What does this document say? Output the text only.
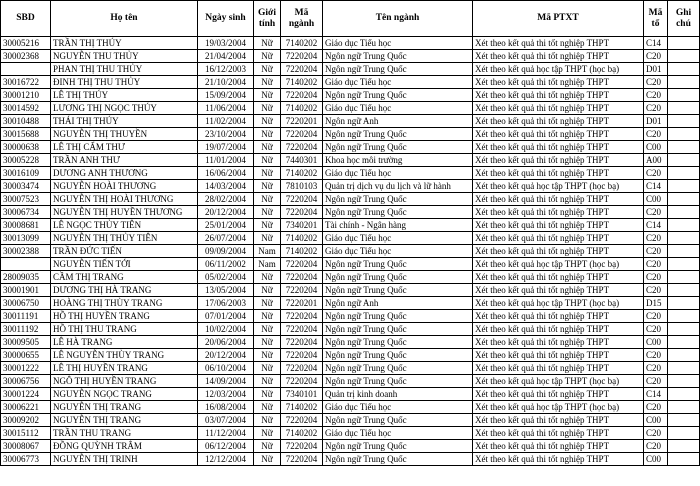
SBD	Họ tên	Ngày sinh	Giới tính	Mã ngành	Tên ngành	Mã PTXT	Mã tổ	Ghi chú
30005216	TRẦN THỊ THÚY	19/03/2004	Nữ	7140202	Giáo dục Tiểu học	Xét theo kết quả thi tốt nghiệp THPT	C14	
30002368	NGUYỄN THU THỦY	21/04/2004	Nữ	7220204	Ngôn ngữ Trung Quốc	Xét theo kết quả thi tốt nghiệp THPT	C20	
	PHAN THỊ THU THỦY	16/12/2003	Nữ	7220204	Ngôn ngữ Trung Quốc	Xét theo kết quả học tập THPT (học bạ)	D01	
30016722	ĐINH THỊ THU THỦY	21/10/2004	Nữ	7140202	Giáo dục Tiểu học	Xét theo kết quả thi tốt nghiệp THPT	C20	
30001210	LÊ THỊ THÚY	15/09/2004	Nữ	7220204	Ngôn ngữ Trung Quốc	Xét theo kết quả thi tốt nghiệp THPT	C20	
30014592	LƯƠNG THỊ NGỌC THÚY	11/06/2004	Nữ	7140202	Giáo dục Tiểu học	Xét theo kết quả thi tốt nghiệp THPT	C20	
30010488	THÁI THỊ THÚY	11/02/2004	Nữ	7220201	Ngôn ngữ Anh	Xét theo kết quả thi tốt nghiệp THPT	D01	
30015688	NGUYỄN THỊ THUYỀN	23/10/2004	Nữ	7220204	Ngôn ngữ Trung Quốc	Xét theo kết quả thi tốt nghiệp THPT	C20	
30000638	LÊ THỊ CẨM THƯ	19/07/2004	Nữ	7220204	Ngôn ngữ Trung Quốc	Xét theo kết quả thi tốt nghiệp THPT	C00	
30005228	TRẦN ANH THƯ	11/01/2004	Nữ	7440301	Khoa học môi trường	Xét theo kết quả thi tốt nghiệp THPT	A00	
30016109	DƯƠNG ANH THƯƠNG	16/06/2004	Nữ	7140202	Giáo dục Tiểu học	Xét theo kết quả thi tốt nghiệp THPT	C20	
30003474	NGUYỄN HOÀI THƯƠNG	14/03/2004	Nữ	7810103	Quản trị dịch vụ du lịch và lữ hành	Xét theo kết quả học tập THPT (học bạ)	C14	
30007523	NGUYỄN THỊ HOÀI THƯƠNG	28/02/2004	Nữ	7220204	Ngôn ngữ Trung Quốc	Xét theo kết quả thi tốt nghiệp THPT	C00	
30006734	NGUYỄN THỊ HUYỀN THƯƠNG	20/12/2004	Nữ	7220204	Ngôn ngữ Trung Quốc	Xét theo kết quả thi tốt nghiệp THPT	C20	
30008681	LÊ NGỌC THỦY TIÊN	25/01/2004	Nữ	7340201	Tài chính - Ngân hàng	Xét theo kết quả thi tốt nghiệp THPT	C14	
30013099	NGUYỄN THỊ THỦY TIÊN	26/07/2004	Nữ	7140202	Giáo dục Tiểu học	Xét theo kết quả thi tốt nghiệp THPT	C20	
30002388	TRẦN ĐỨC TIẾN	09/09/2004	Nam	7140202	Giáo dục Tiểu học	Xét theo kết quả thi tốt nghiệp THPT	C20	
	NGUYỄN TIẾN TỚI	06/11/2002	Nam	7220204	Ngôn ngữ Trung Quốc	Xét theo kết quả học tập THPT (học bạ)	C20	
28009035	CẦM THỊ TRANG	05/02/2004	Nữ	7220204	Ngôn ngữ Trung Quốc	Xét theo kết quả thi tốt nghiệp THPT	C20	
30001901	DƯƠNG THỊ HÀ TRANG	13/05/2004	Nữ	7220204	Ngôn ngữ Trung Quốc	Xét theo kết quả thi tốt nghiệp THPT	C20	
30006750	HOÀNG THỊ THÙY TRANG	17/06/2003	Nữ	7220201	Ngôn ngữ Anh	Xét theo kết quả học tập THPT (học bạ)	D15	
30011191	HỒ THỊ HUYỀN TRANG	07/01/2004	Nữ	7220204	Ngôn ngữ Trung Quốc	Xét theo kết quả thi tốt nghiệp THPT	C20	
30011192	HỒ THỊ THU TRANG	10/02/2004	Nữ	7220204	Ngôn ngữ Trung Quốc	Xét theo kết quả thi tốt nghiệp THPT	C20	
30009505	LÊ HÀ TRANG	20/06/2004	Nữ	7220204	Ngôn ngữ Trung Quốc	Xét theo kết quả thi tốt nghiệp THPT	C00	
30000655	LÊ NGUYỄN THÙY TRANG	20/12/2004	Nữ	7220204	Ngôn ngữ Trung Quốc	Xét theo kết quả thi tốt nghiệp THPT	C20	
30001222	LÊ THỊ HUYỀN TRANG	06/10/2004	Nữ	7220204	Ngôn ngữ Trung Quốc	Xét theo kết quả thi tốt nghiệp THPT	C20	
30006756	NGÔ THỊ HUYỀN TRANG	14/09/2004	Nữ	7220204	Ngôn ngữ Trung Quốc	Xét theo kết quả học tập THPT (học bạ)	C20	
30001224	NGUYỄN NGỌC TRANG	12/03/2004	Nữ	7340101	Quản trị kinh doanh	Xét theo kết quả thi tốt nghiệp THPT	C14	
30006221	NGUYỄN THỊ TRANG	16/08/2004	Nữ	7140202	Giáo dục Tiểu học	Xét theo kết quả học tập THPT (học bạ)	C20	
30009202	NGUYỄN THỊ TRANG	03/07/2004	Nữ	7220204	Ngôn ngữ Trung Quốc	Xét theo kết quả thi tốt nghiệp THPT	C00	
30015112	TRẦN THU TRANG	11/12/2004	Nữ	7140202	Giáo dục Tiểu học	Xét theo kết quả thi tốt nghiệp THPT	C20	
30008067	ĐỒNG QUỲNH TRÂM	06/12/2004	Nữ	7220204	Ngôn ngữ Trung Quốc	Xét theo kết quả thi tốt nghiệp THPT	C20	
30006773	NGUYỄN THỊ TRINH	12/12/2004	Nữ	7220204	Ngôn ngữ Trung Quốc	Xét theo kết quả thi tốt nghiệp THPT	C00	
